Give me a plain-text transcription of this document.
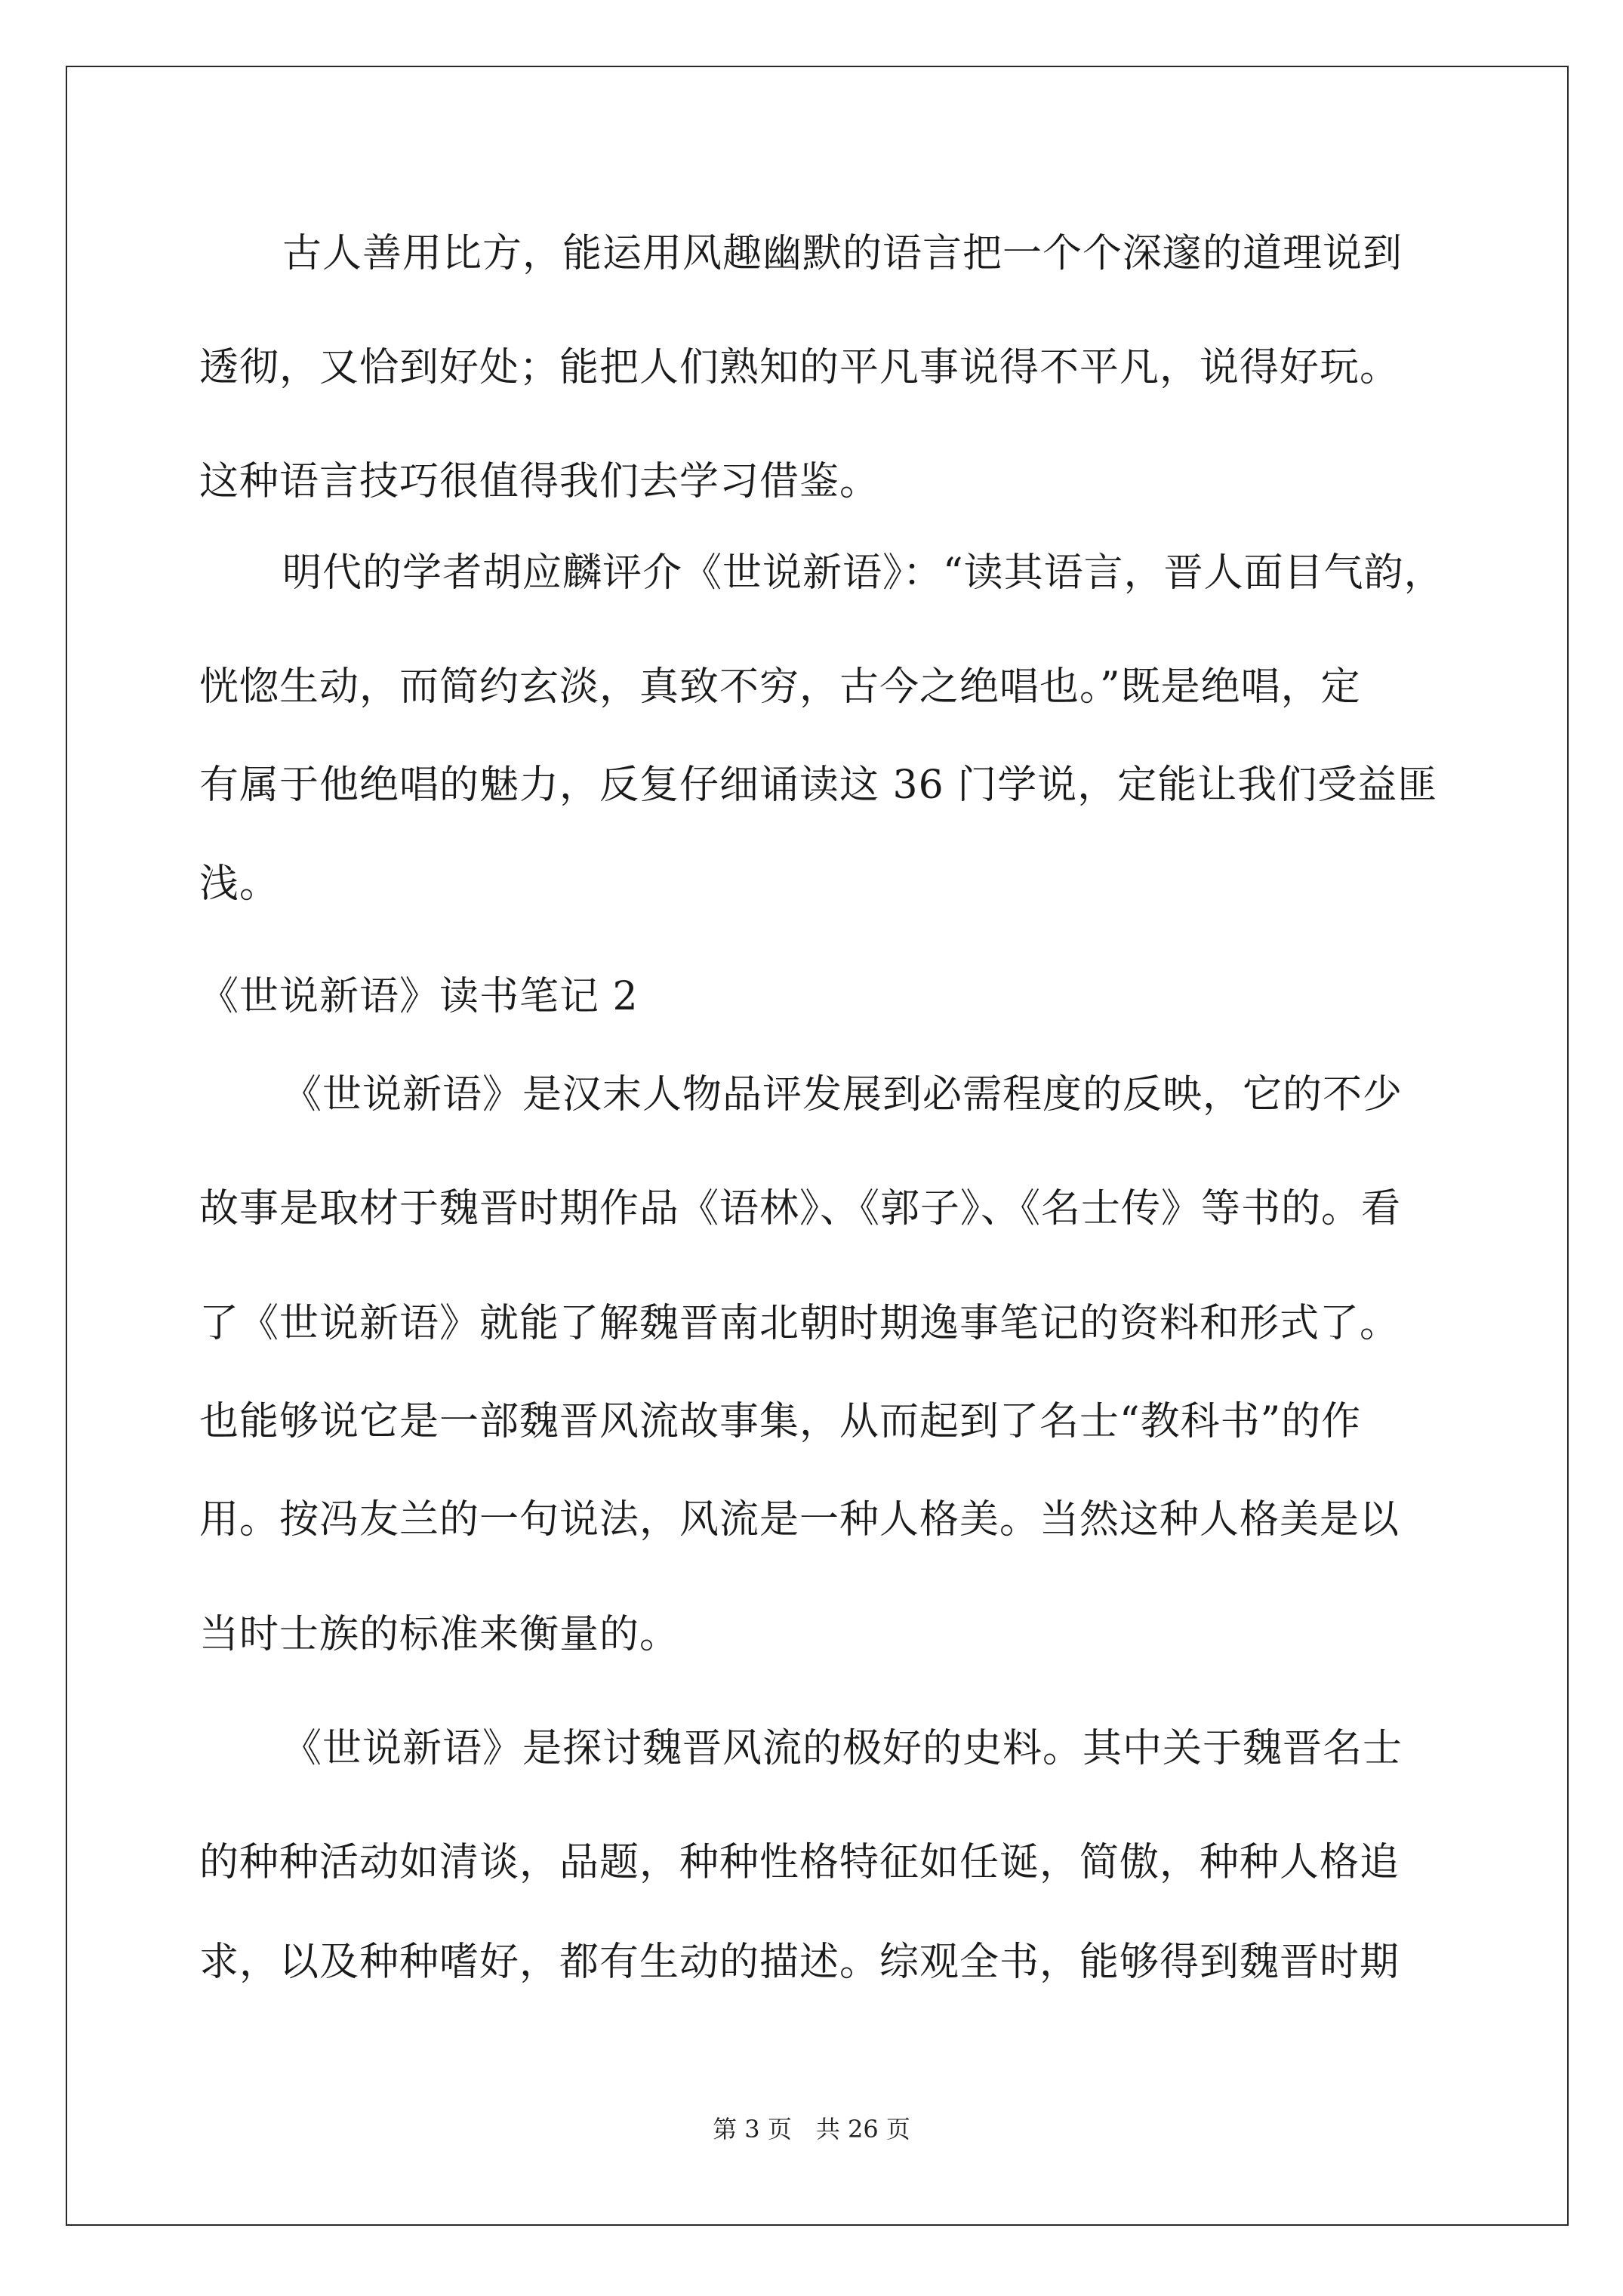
古人善用比方，能运用风趣幽默的语言把一个个深邃的道理说到
透彻，又恰到好处；能把人们熟知的平凡事说得不平凡，说得好玩。
这种语言技巧很值得我们去学习借鉴。
明代的学者胡应麟评介《世说新语》：“读其语言，晋人面目气韵，
恍惚生动，而简约玄淡，真致不穷，古今之绝唱也。”既是绝唱，定
有属于他绝唱的魅力，反复仔细诵读这 36 门学说，定能让我们受益匪
浅。
《世说新语》读书笔记 2
《世说新语》是汉末人物品评发展到必需程度的反映，它的不少
故事是取材于魏晋时期作品《语林》、《郭子》、《名士传》等书的。看
了《世说新语》就能了解魏晋南北朝时期逸事笔记的资料和形式了。
也能够说它是一部魏晋风流故事集，从而起到了名士“教科书”的作
用。按冯友兰的一句说法，风流是一种人格美。当然这种人格美是以
当时士族的标准来衡量的。
《世说新语》是探讨魏晋风流的极好的史料。其中关于魏晋名士
的种种活动如清谈，品题，种种性格特征如任诞，简傲，种种人格追
求，以及种种嗜好，都有生动的描述。综观全书，能够得到魏晋时期
第 3 页　共 26 页
